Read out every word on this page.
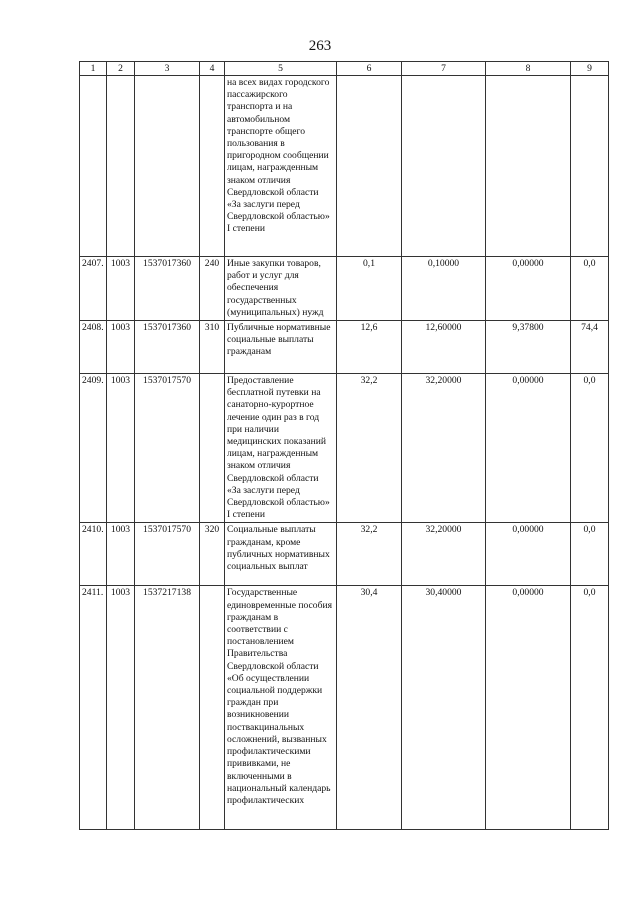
263
1	2	3	4	5	6	7	8	9
				на всех видах городского пассажирского транспорта и на автомобильном транспорте общего пользования в пригородном сообщении лицам, награжденным знаком отличия Свердловской области «За заслуги перед Свердловской областью» I степени				
2407.	1003	1537017360	240	Иные закупки товаров, работ и услуг для обеспечения государственных (муниципальных) нужд	0,1	0,10000	0,00000	0,0
2408.	1003	1537017360	310	Публичные нормативные социальные выплаты гражданам	12,6	12,60000	9,37800	74,4
2409.	1003	1537017570		Предоставление бесплатной путевки на санаторно-курортное лечение один раз в год при наличии медицинских показаний лицам, награжденным знаком отличия Свердловской области «За заслуги перед Свердловской областью» I степени	32,2	32,20000	0,00000	0,0
2410.	1003	1537017570	320	Социальные выплаты гражданам, кроме публичных нормативных социальных выплат	32,2	32,20000	0,00000	0,0
2411.	1003	1537217138		Государственные единовременные пособия гражданам в соответствии с постановлением Правительства Свердловской области «Об осуществлении социальной поддержки граждан при возникновении поствакцинальных осложнений, вызванных профилактическими прививками, не включенными в национальный календарь профилактических	30,4	30,40000	0,00000	0,0
